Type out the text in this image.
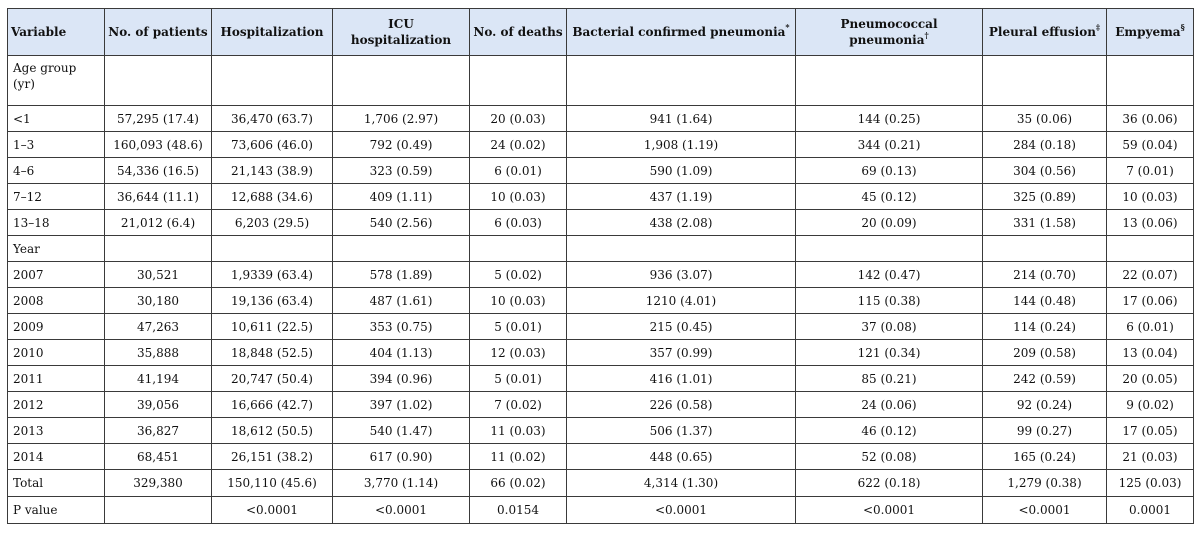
Variable	No. of patients	Hospitalization	ICU hospitalization	No. of deaths	Bacterial confirmed pneumonia*	Pneumococcal pneumonia†	Pleural effusion‡	Empyema§
Age group (yr)								
<1	57,295 (17.4)	36,470 (63.7)	1,706 (2.97)	20 (0.03)	941 (1.64)	144 (0.25)	35 (0.06)	36 (0.06)
1–3	160,093 (48.6)	73,606 (46.0)	792 (0.49)	24 (0.02)	1,908 (1.19)	344 (0.21)	284 (0.18)	59 (0.04)
4–6	54,336 (16.5)	21,143 (38.9)	323 (0.59)	6 (0.01)	590 (1.09)	69 (0.13)	304 (0.56)	7 (0.01)
7–12	36,644 (11.1)	12,688 (34.6)	409 (1.11)	10 (0.03)	437 (1.19)	45 (0.12)	325 (0.89)	10 (0.03)
13–18	21,012 (6.4)	6,203 (29.5)	540 (2.56)	6 (0.03)	438 (2.08)	20 (0.09)	331 (1.58)	13 (0.06)
Year								
2007	30,521	1,9339 (63.4)	578 (1.89)	5 (0.02)	936 (3.07)	142 (0.47)	214 (0.70)	22 (0.07)
2008	30,180	19,136 (63.4)	487 (1.61)	10 (0.03)	1210 (4.01)	115 (0.38)	144 (0.48)	17 (0.06)
2009	47,263	10,611 (22.5)	353 (0.75)	5 (0.01)	215 (0.45)	37 (0.08)	114 (0.24)	6 (0.01)
2010	35,888	18,848 (52.5)	404 (1.13)	12 (0.03)	357 (0.99)	121 (0.34)	209 (0.58)	13 (0.04)
2011	41,194	20,747 (50.4)	394 (0.96)	5 (0.01)	416 (1.01)	85 (0.21)	242 (0.59)	20 (0.05)
2012	39,056	16,666 (42.7)	397 (1.02)	7 (0.02)	226 (0.58)	24 (0.06)	92 (0.24)	9 (0.02)
2013	36,827	18,612 (50.5)	540 (1.47)	11 (0.03)	506 (1.37)	46 (0.12)	99 (0.27)	17 (0.05)
2014	68,451	26,151 (38.2)	617 (0.90)	11 (0.02)	448 (0.65)	52 (0.08)	165 (0.24)	21 (0.03)
Total	329,380	150,110 (45.6)	3,770 (1.14)	66 (0.02)	4,314 (1.30)	622 (0.18)	1,279 (0.38)	125 (0.03)
P value		<0.0001	<0.0001	0.0154	<0.0001	<0.0001	<0.0001	0.0001
